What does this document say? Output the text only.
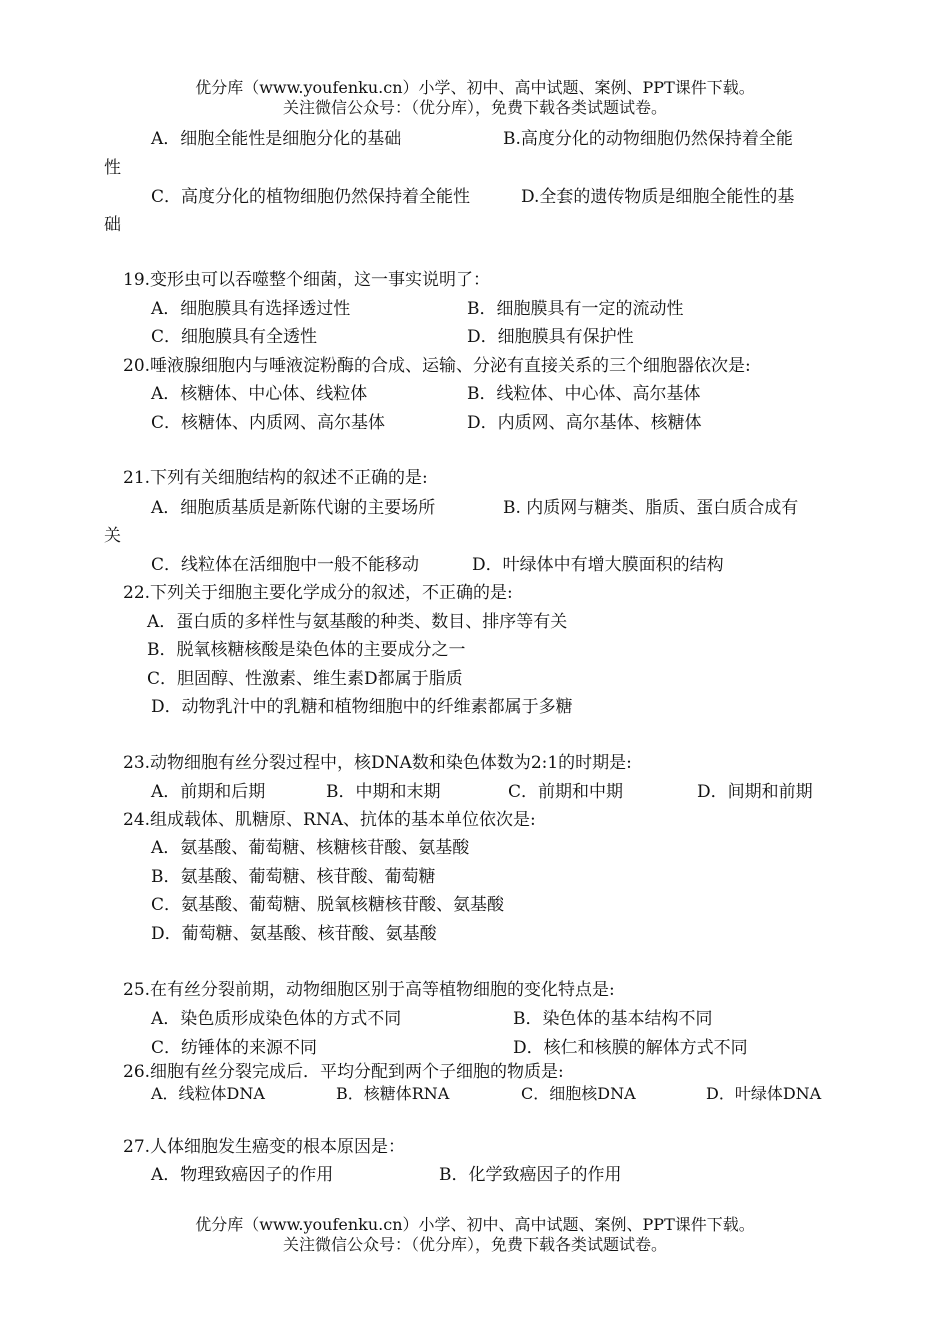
优分库（www.youfenku.cn）小学、初中、高中试题、案例、PPT课件下载。
关注微信公众号：（优分库），免费下载各类试题试卷。
A．细胞全能性是细胞分化的基础	B.高度分化的动物细胞仍然保持着全能
性
C．高度分化的植物细胞仍然保持着全能性	D.全套的遗传物质是细胞全能性的基
础
19.变形虫可以吞噬整个细菌，这一事实说明了：
A．细胞膜具有选择透过性	B．细胞膜具有一定的流动性
C．细胞膜具有全透性	D．细胞膜具有保护性
20.唾液腺细胞内与唾液淀粉酶的合成、运输、分泌有直接关系的三个细胞器依次是:
A．核糖体、中心体、线粒体	B．线粒体、中心体、高尔基体
C．核糖体、内质网、高尔基体	D．内质网、高尔基体、核糖体
21.下列有关细胞结构的叙述不正确的是:
A．细胞质基质是新陈代谢的主要场所	B. 内质网与糖类、脂质、蛋白质合成有
关
C．线粒体在活细胞中一般不能移动	D．叶绿体中有增大膜面积的结构
22.下列关于细胞主要化学成分的叙述，不正确的是:
A．蛋白质的多样性与氨基酸的种类、数目、排序等有关
B．脱氧核糖核酸是染色体的主要成分之一
C．胆固醇、性激素、维生素D都属于脂质
D．动物乳汁中的乳糖和植物细胞中的纤维素都属于多糖
23.动物细胞有丝分裂过程中，核DNA数和染色体数为2:1的时期是:
A．前期和后期	B．中期和末期	C．前期和中期	D．间期和前期
24.组成载体、肌糖原、RNA、抗体的基本单位依次是:
A．氨基酸、葡萄糖、核糖核苷酸、氨基酸
B．氨基酸、葡萄糖、核苷酸、葡萄糖
C．氨基酸、葡萄糖、脱氧核糖核苷酸、氨基酸
D．葡萄糖、氨基酸、核苷酸、氨基酸
25.在有丝分裂前期，动物细胞区别于高等植物细胞的变化特点是:
A．染色质形成染色体的方式不同	B．染色体的基本结构不同
C．纺锤体的来源不同	D．核仁和核膜的解体方式不同
26.细胞有丝分裂完成后．平均分配到两个子细胞的物质是:
A．线粒体DNA	B．核糖体RNA	C．细胞核DNA	D．叶绿体DNA
27.人体细胞发生癌变的根本原因是：
A．物理致癌因子的作用	B．化学致癌因子的作用
优分库（www.youfenku.cn）小学、初中、高中试题、案例、PPT课件下载。
关注微信公众号：（优分库），免费下载各类试题试卷。
